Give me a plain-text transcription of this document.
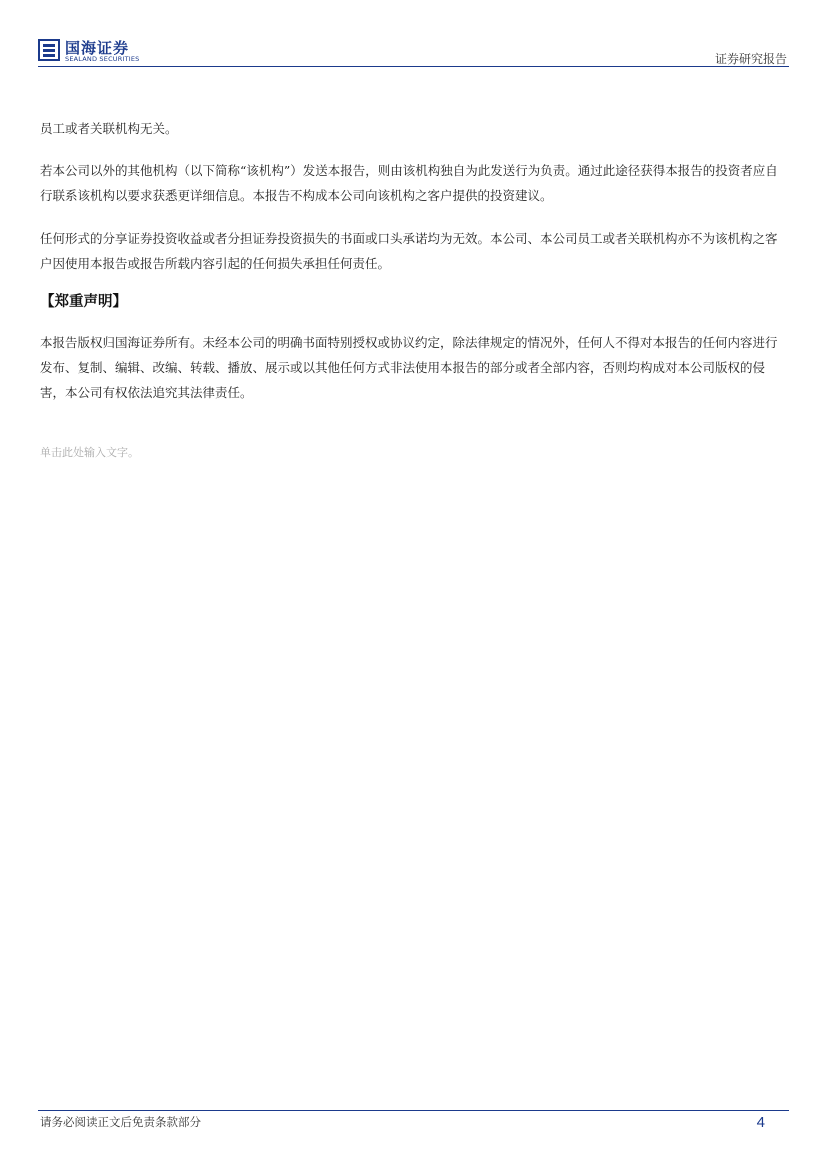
国海证券
SEALAND SECURITIES	证券研究报告
员工或者关联机构无关。
若本公司以外的其他机构（以下简称“该机构”）发送本报告，则由该机构独自为此发送行为负责。通过此途径获得本报告的投资者应自行联系该机构以要求获悉更详细信息。本报告不构成本公司向该机构之客户提供的投资建议。
任何形式的分享证券投资收益或者分担证券投资损失的书面或口头承诺均为无效。本公司、本公司员工或者关联机构亦不为该机构之客户因使用本报告或报告所载内容引起的任何损失承担任何责任。
【郑重声明】
本报告版权归国海证券所有。未经本公司的明确书面特别授权或协议约定，除法律规定的情况外，任何人不得对本报告的任何内容进行发布、复制、编辑、改编、转载、播放、展示或以其他任何方式非法使用本报告的部分或者全部内容，否则均构成对本公司版权的侵害，本公司有权依法追究其法律责任。
单击此处输入文字。
请务必阅读正文后免责条款部分	4
